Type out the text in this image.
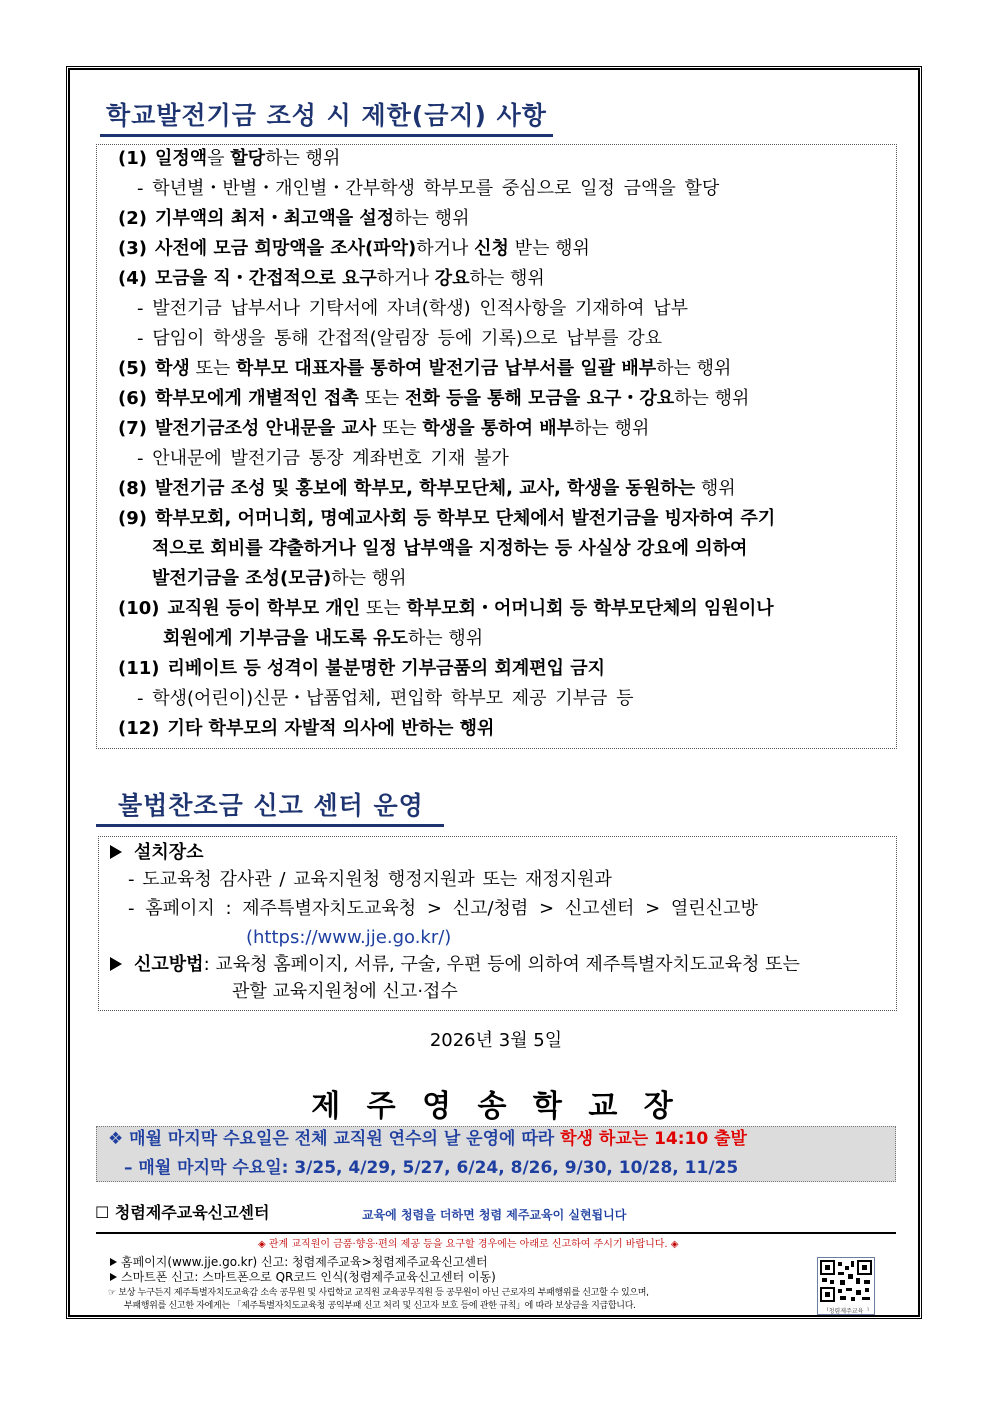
학교발전기금 조성 시 제한(금지) 사항
(1) 일정액을 할당하는 행위
- 학년별・반별・개인별・간부학생 학부모를 중심으로 일정 금액을 할당
(2) 기부액의 최저・최고액을 설정하는 행위
(3) 사전에 모금 희망액을 조사(파악)하거나 신청 받는 행위
(4) 모금을 직・간접적으로 요구하거나 강요하는 행위
- 발전기금 납부서나 기탁서에 자녀(학생) 인적사항을 기재하여 납부
- 담임이 학생을 통해 간접적(알림장 등에 기록)으로 납부를 강요
(5) 학생 또는 학부모 대표자를 통하여 발전기금 납부서를 일괄 배부하는 행위
(6) 학부모에게 개별적인 접촉 또는 전화 등을 통해 모금을 요구・강요하는 행위
(7) 발전기금조성 안내문을 교사 또는 학생을 통하여 배부하는 행위
- 안내문에 발전기금 통장 계좌번호 기재 불가
(8) 발전기금 조성 및 홍보에 학부모, 학부모단체, 교사, 학생을 동원하는 행위
(9) 학부모회, 어머니회, 명예교사회 등 학부모 단체에서 발전기금을 빙자하여 주기
적으로 회비를 갹출하거나 일정 납부액을 지정하는 등 사실상 강요에 의하여
발전기금을 조성(모금)하는 행위
(10) 교직원 등이 학부모 개인 또는 학부모회・어머니회 등 학부모단체의 임원이나
회원에게 기부금을 내도록 유도하는 행위
(11) 리베이트 등 성격이 불분명한 기부금품의 회계편입 금지
- 학생(어린이)신문・납품업체, 편입학 학부모 제공 기부금 등
(12) 기타 학부모의 자발적 의사에 반하는 행위
불법찬조금 신고 센터 운영
설치장소
- 도교육청 감사관 / 교육지원청 행정지원과 또는 재정지원과
- 홈페이지 : 제주특별자치도교육청 > 신고/청렴 > 신고센터 > 열린신고방
(https://www.jje.go.kr/)
신고방법: 교육청 홈페이지, 서류, 구술, 우편 등에 의하여 제주특별자치도교육청 또는
관할 교육지원청에 신고·접수
2026년 3월 5일
제 주 영 송 학 교 장
❖ 매월 마지막 수요일은 전체 교직원 연수의 날 운영에 따라 학생 하교는 14:10 출발
– 매월 마지막 수요일: 3/25, 4/29, 5/27, 6/24, 8/26, 9/30, 10/28, 11/25
☐ 청렴제주교육신고센터	교육에 청렴을 더하면 청렴 제주교육이 실현됩니다
◈ 관계 교직원이 금품·향응·편의 제공 등을 요구할 경우에는 아래로 신고하여 주시기 바랍니다. ◈
홈페이지(www.jje.go.kr) 신고: 청렴제주교육>청렴제주교육신고센터
스마트폰 신고: 스마트폰으로 QR코드 인식(청렴제주교육신고센터 이동)
☞ 보상 누구든지 제주특별자치도교육감 소속 공무원 및 사립학교 교직원 교육공무직원 등 공무원이 아닌 근로자의 부패행위를 신고할 수 있으며,
부패행위를 신고한 자에게는 「제주특별자치도교육청 공익부패 신고 처리 및 신고자 보호 등에 관한 규칙」에 따라 보상금을 지급합니다.
ᅵ청렴제주교육ᅵ
